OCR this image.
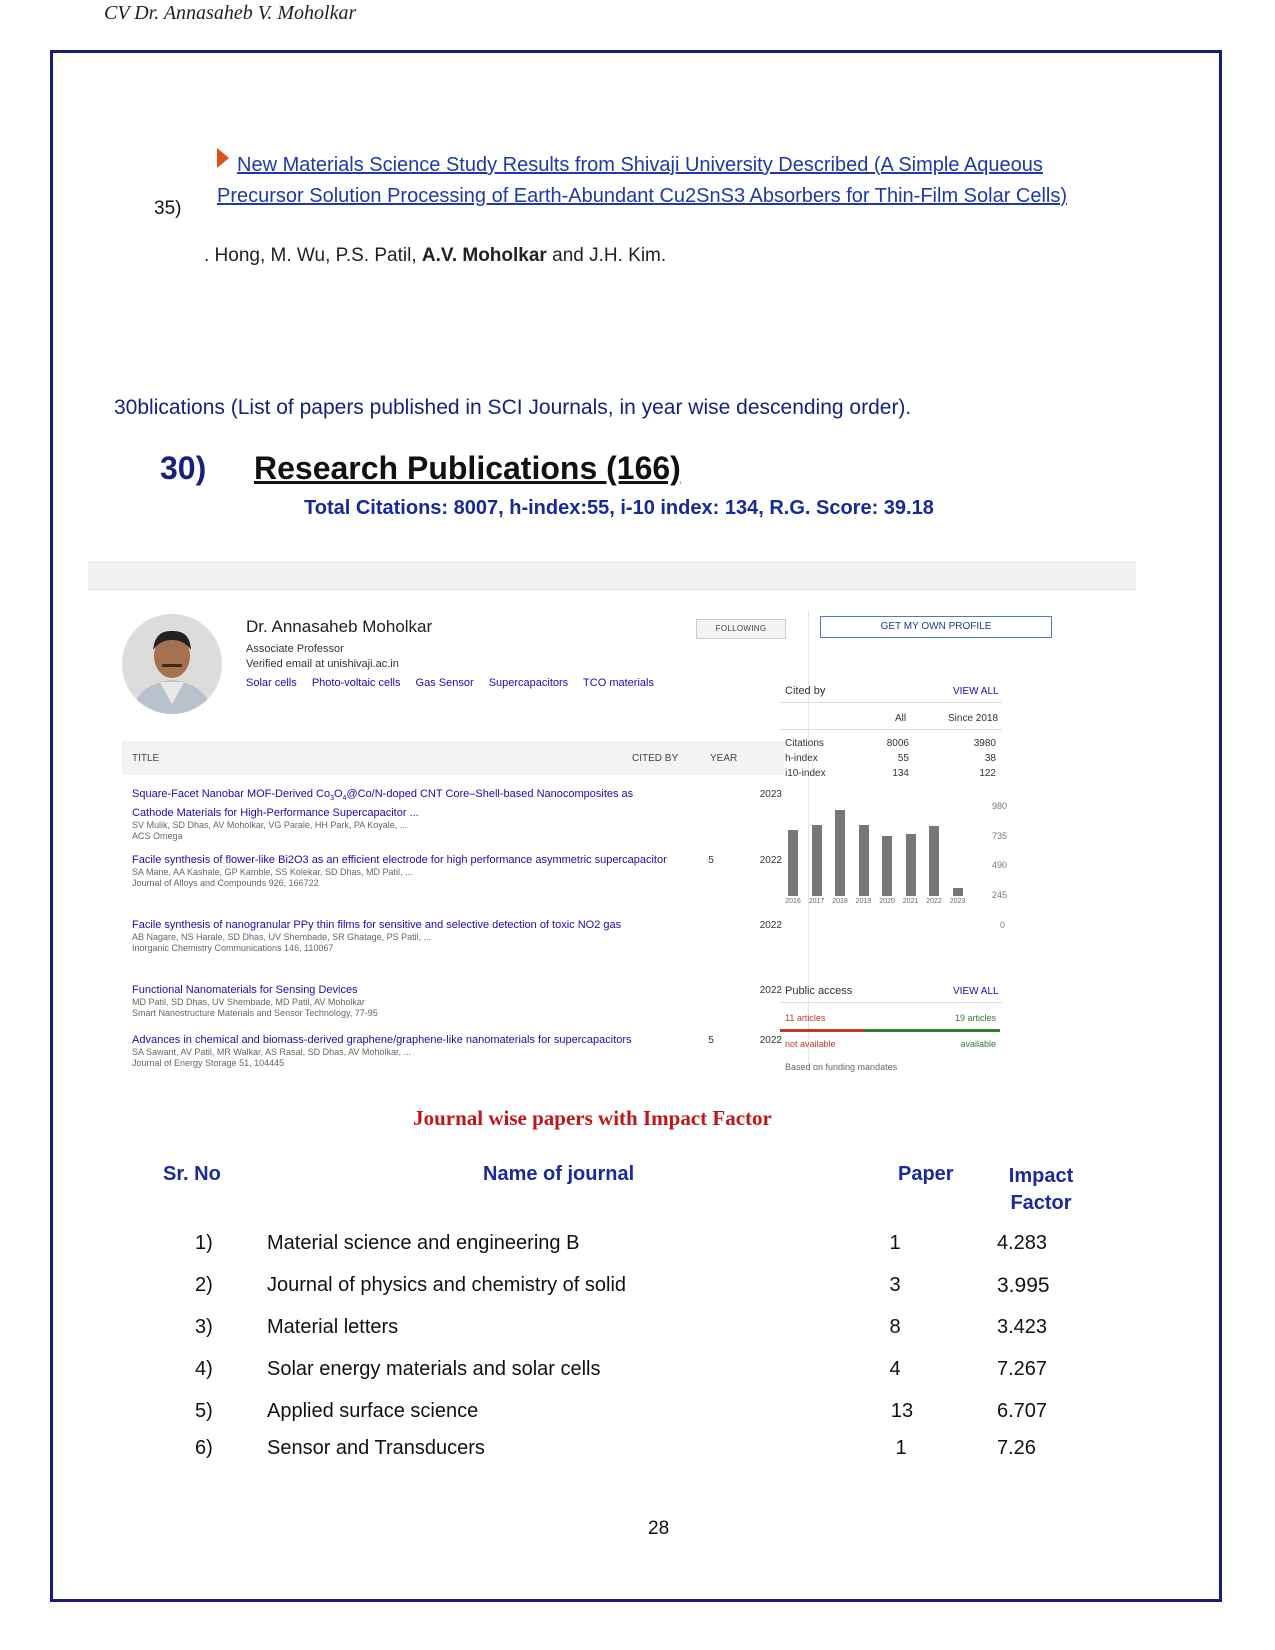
CV Dr. Annasaheb V. Moholkar
35)
New Materials Science Study Results from Shivaji University Described (A Simple Aqueous Precursor Solution Processing of Earth-Abundant Cu2SnS3 Absorbers for Thin-Film Solar Cells)
. Hong, M. Wu, P.S. Patil, A.V. Moholkar and J.H. Kim.
30blications (List of papers published in SCI Journals, in year wise descending order).
30) Research Publications (166)
Total Citations: 8007, h-index:55, i-10 index: 134, R.G. Score: 39.18
Dr. Annasaheb Moholkar
Associate Professor
Verified email at unishivaji.ac.in
Solar cells Photo-voltaic cells Gas Sensor Supercapacitors TCO materials
FOLLOWING	GET MY OWN PROFILE
TITLE	CITED BY	YEAR
Square-Facet Nanobar MOF-Derived $Co_3O_4@Co/N$-doped CNT Core–Shell-based Nanocomposites as Cathode Materials for High-Performance Supercapacitor ...
SV Mulik, SD Dhas, AV Moholkar, VG Parale, HH Park, PA Koyale, ...
ACS Omega
2023
Facile synthesis of flower-like Bi2O3 as an efficient electrode for high performance asymmetric supercapacitor
SA Mane, AA Kashale, GP Kamble, SS Kolekar, SD Dhas, MD Patil, ...
Journal of Alloys and Compounds 926, 166722
5	2022
Facile synthesis of nanogranular PPy thin films for sensitive and selective detection of toxic NO2 gas
AB Nagare, NS Harale, SD Dhas, UV Shembade, SR Ghatage, PS Patil, ...
Inorganic Chemistry Communications 146, 110067
2022
Functional Nanomaterials for Sensing Devices
MD Patil, SD Dhas, UV Shembade, MD Patil, AV Moholkar
Smart Nanostructure Materials and Sensor Technology, 77-95
2022
Advances in chemical and biomass-derived graphene/graphene-like nanomaterials for supercapacitors
SA Sawant, AV Patil, MR Walkar, AS Rasal, SD Dhas, AV Moholkar, ...
Journal of Energy Storage 51, 104445
5	2022
Cited by	VIEW ALL
All	Since 2018
Citations	8006	3980
h-index	55	38
i10-index	134	122
980
735
490
245
0
Public access	VIEW ALL
11 articles	19 articles
not available	available
Based on funding mandates
2016	2017	2018	2019	2020	2021	2022	2023
Journal wise papers with Impact Factor
Sr. No	Name of journal	Paper	Impact
Factor
1)	Material science and engineering B	1	4.283
2)	Journal of physics and chemistry of solid	3	3.995
3)	Material letters	8	3.423
4)	Solar energy materials and solar cells	4	7.267
5)	Applied surface science	13	6.707
6)	Sensor and Transducers	1	7.26
28
